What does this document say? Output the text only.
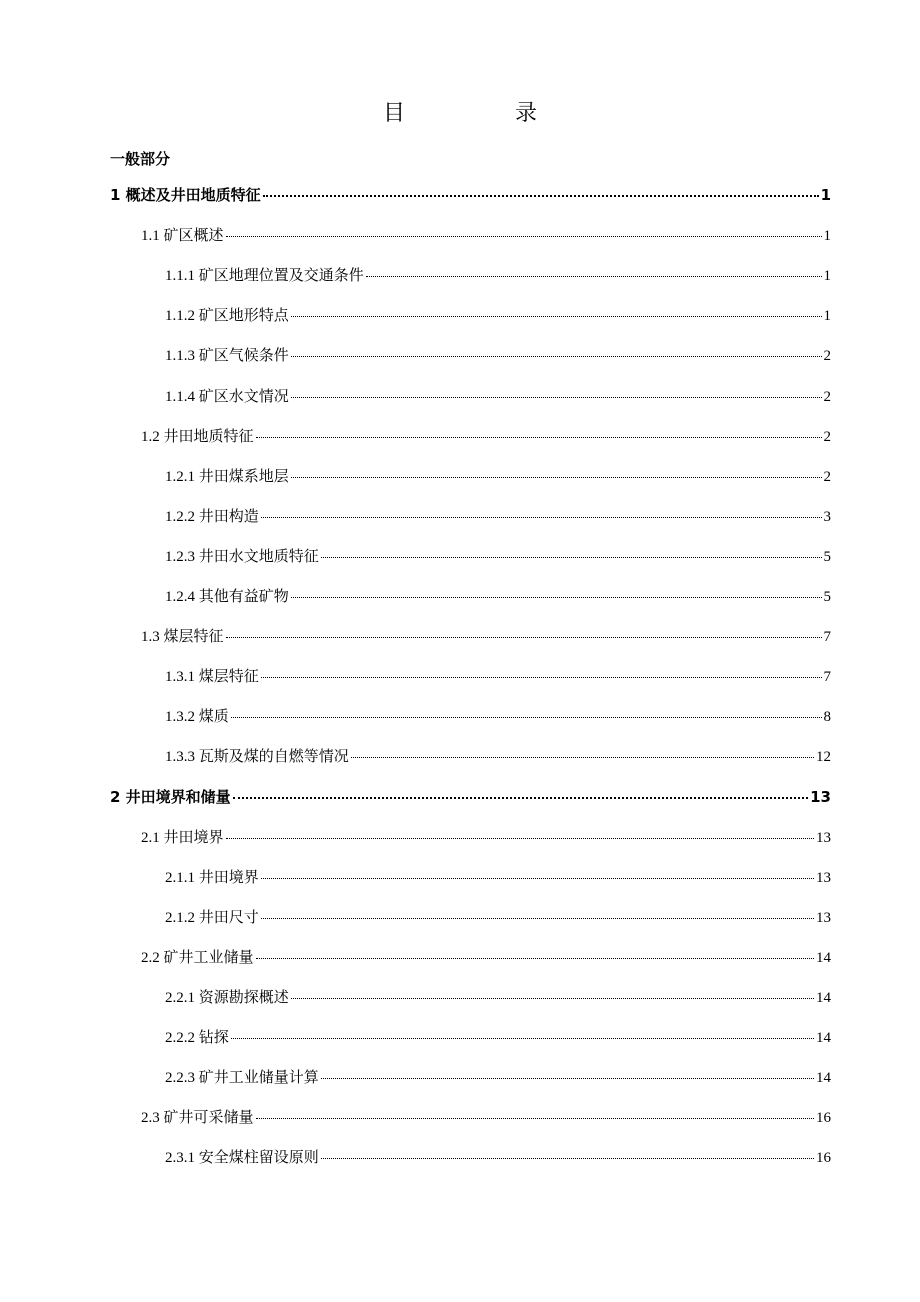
目　录
一般部分
1 概述及井田地质特征	1
1.1 矿区概述	1
1.1.1 矿区地理位置及交通条件	1
1.1.2 矿区地形特点	1
1.1.3 矿区气候条件	2
1.1.4 矿区水文情况	2
1.2 井田地质特征	2
1.2.1 井田煤系地层	2
1.2.2 井田构造	3
1.2.3 井田水文地质特征	5
1.2.4 其他有益矿物	5
1.3 煤层特征	7
1.3.1 煤层特征	7
1.3.2 煤质	8
1.3.3 瓦斯及煤的自燃等情况	12
2 井田境界和储量	13
2.1 井田境界	13
2.1.1 井田境界	13
2.1.2 井田尺寸	13
2.2 矿井工业储量	14
2.2.1 资源勘探概述	14
2.2.2 钻探	14
2.2.3 矿井工业储量计算	14
2.3 矿井可采储量	16
2.3.1 安全煤柱留设原则	16
